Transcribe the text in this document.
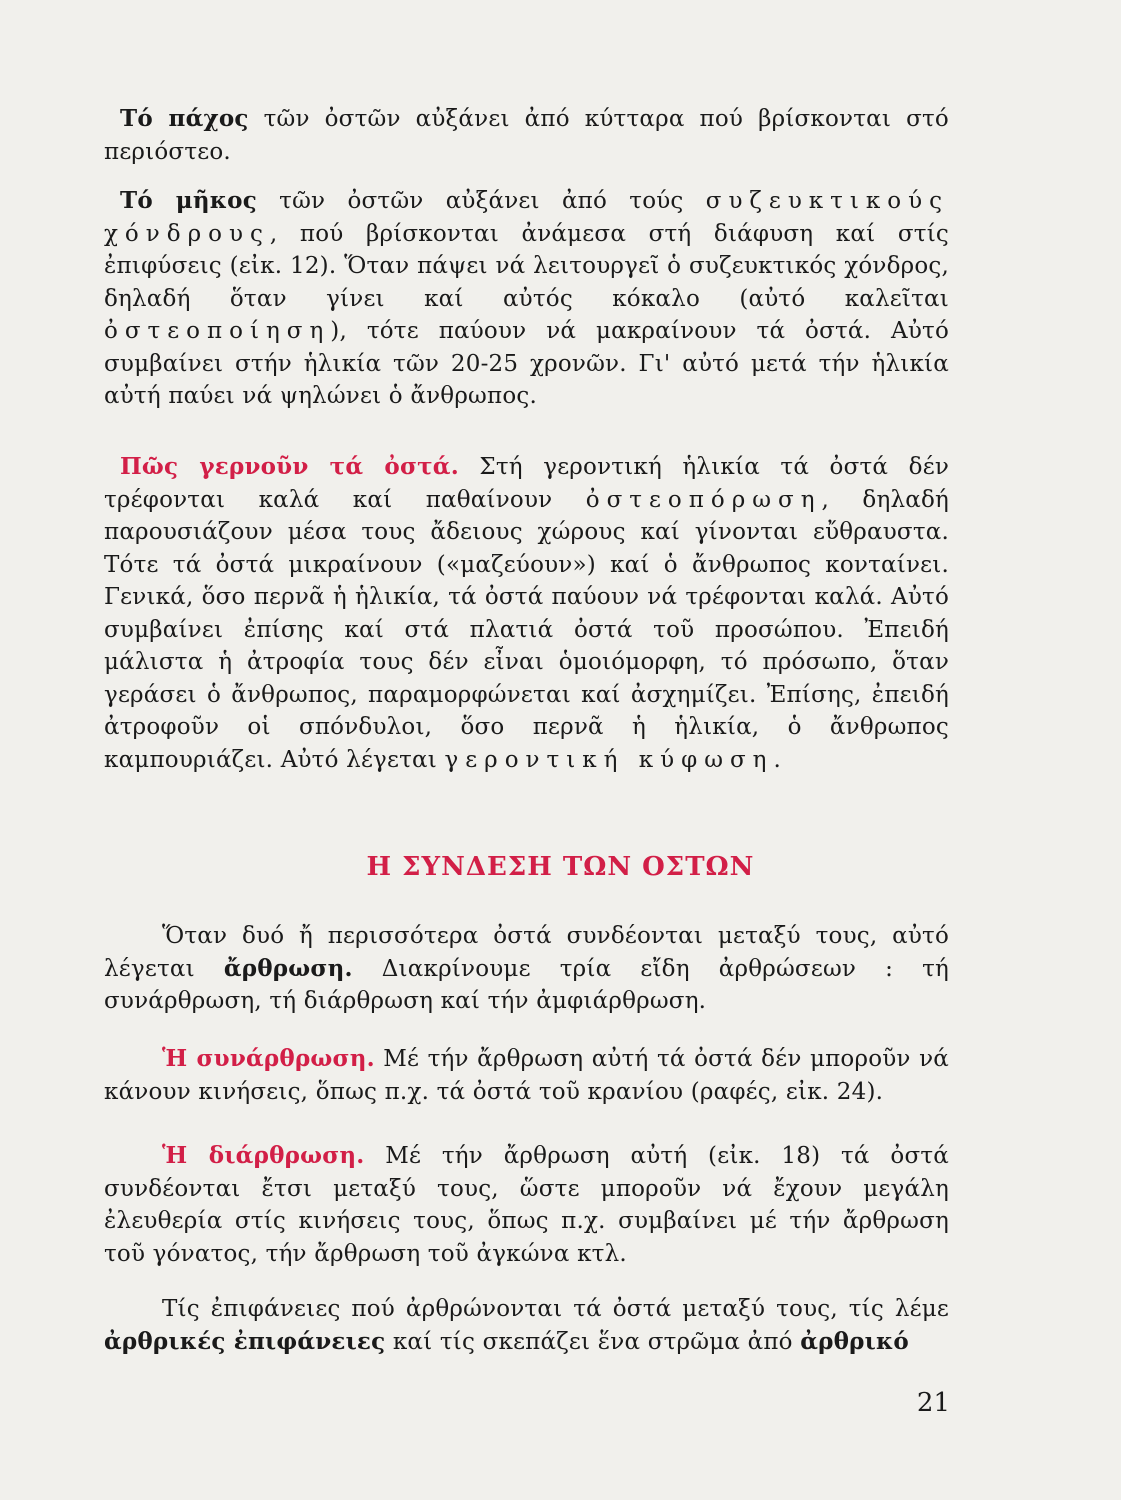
Τό πάχος τῶν ὀστῶν αὐξάνει ἀπό κύτταρα πού βρίσκονται στό περιόστεο.
Τό μῆκος τῶν ὀστῶν αὐξάνει ἀπό τούς συζευκτικούς χόνδρους, πού βρίσκονται ἀνάμεσα στή διάφυση καί στίς ἐπιφύσεις (εἰκ. 12). Ὅταν πάψει νά λειτουργεῖ ὁ συζευκτικός χόνδρος, δηλαδή ὅταν γίνει καί αὐτός κόκαλο (αὐτό καλεῖται ὀστεοποίηση), τότε παύουν νά μακραίνουν τά ὀστά. Αὐτό συμβαίνει στήν ἡλικία τῶν 20-25 χρονῶν. Γι' αὐτό μετά τήν ἡλικία αὐτή παύει νά ψηλώνει ὁ ἄνθρωπος.
Πῶς γερνοῦν τά ὀστά. Στή γεροντική ἡλικία τά ὀστά δέν τρέφονται καλά καί παθαίνουν ὀστεοπόρωση, δηλαδή παρουσιάζουν μέσα τους ἄδειους χώρους καί γίνονται εὔθραυστα. Τότε τά ὀστά μικραίνουν («μαζεύουν») καί ὁ ἄνθρωπος κονταίνει. Γενικά, ὅσο περνᾶ ἡ ἡλικία, τά ὀστά παύουν νά τρέφονται καλά. Αὐτό συμβαίνει ἐπίσης καί στά πλατιά ὀστά τοῦ προσώπου. Ἐπειδή μάλιστα ἡ ἀτροφία τους δέν εἶναι ὁμοιόμορφη, τό πρόσωπο, ὅταν γεράσει ὁ ἄνθρωπος, παραμορφώνεται καί ἀσχημίζει. Ἐπίσης, ἐπειδή ἀτροφοῦν οἱ σπόνδυλοι, ὅσο περνᾶ ἡ ἡλικία, ὁ ἄνθρωπος καμπουριάζει. Αὐτό λέγεται γεροντική κύφωση.
Η ΣΥΝΔΕΣΗ ΤΩΝ ΟΣΤΩΝ
Ὅταν δυό ἤ περισσότερα ὀστά συνδέονται μεταξύ τους, αὐτό λέγεται ἄρθρωση. Διακρίνουμε τρία εἴδη ἀρθρώσεων : τή συνάρθρωση, τή διάρθρωση καί τήν ἀμφιάρθρωση.
Ἡ συνάρθρωση. Μέ τήν ἄρθρωση αὐτή τά ὀστά δέν μποροῦν νά κάνουν κινήσεις, ὅπως π.χ. τά ὀστά τοῦ κρανίου (ραφές, εἰκ. 24).
Ἡ διάρθρωση. Μέ τήν ἄρθρωση αὐτή (εἰκ. 18) τά ὀστά συνδέονται ἔτσι μεταξύ τους, ὥστε μποροῦν νά ἔχουν μεγάλη ἐλευθερία στίς κινήσεις τους, ὅπως π.χ. συμβαίνει μέ τήν ἄρθρωση τοῦ γόνατος, τήν ἄρθρωση τοῦ ἀγκώνα κτλ.
Τίς ἐπιφάνειες πού ἀρθρώνονται τά ὀστά μεταξύ τους, τίς λέμε ἀρθρικές ἐπιφάνειες καί τίς σκεπάζει ἕνα στρῶμα ἀπό ἀρθρικό
21
